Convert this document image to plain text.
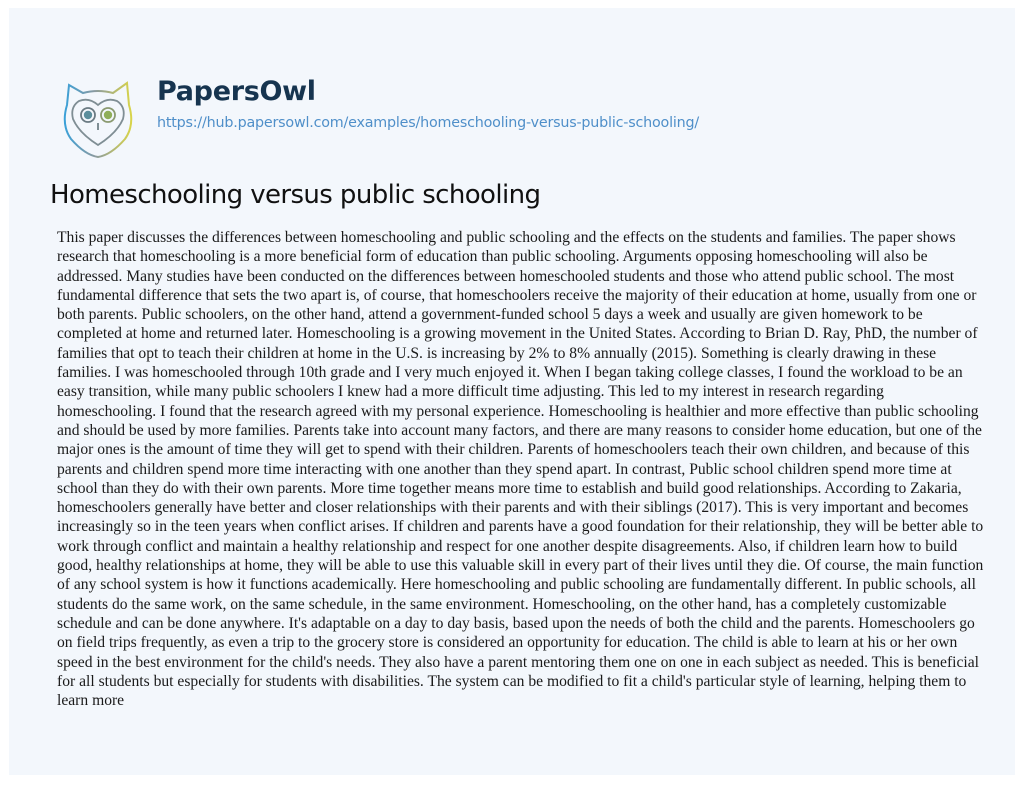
PapersOwl
https://hub.papersowl.com/examples/homeschooling-versus-public-schooling/
Homeschooling versus public schooling

This paper discusses the differences between homeschooling and public schooling and the effects on the students and families. The paper shows research that homeschooling is a more beneficial form of education than public schooling. Arguments opposing homeschooling will also be addressed. Many studies have been conducted on the differences between homeschooled students and those who attend public school. The most fundamental difference that sets the two apart is, of course, that homeschoolers receive the majority of their education at home, usually from one or both parents. Public schoolers, on the other hand, attend a government-funded school 5 days a week and usually are given homework to be completed at home and returned later. Homeschooling is a growing movement in the United States. According to Brian D. Ray, PhD, the number of families that opt to teach their children at home in the U.S. is increasing by 2% to 8% annually (2015). Something is clearly drawing in these families. I was homeschooled through 10th grade and I very much enjoyed it. When I began taking college classes, I found the workload to be an easy transition, while many public schoolers I knew had a more difficult time adjusting. This led to my interest in research regarding homeschooling. I found that the research agreed with my personal experience. Homeschooling is healthier and more effective than public schooling and should be used by more families. Parents take into account many factors, and there are many reasons to consider home education, but one of the major ones is the amount of time they will get to spend with their children. Parents of homeschoolers teach their own children, and because of this parents and children spend more time interacting with one another than they spend apart. In contrast, Public school children spend more time at school than they do with their own parents. More time together means more time to establish and build good relationships. According to Zakaria, homeschoolers generally have better and closer relationships with their parents and with their siblings (2017). This is very important and becomes increasingly so in the teen years when conflict arises. If children and parents have a good foundation for their relationship, they will be better able to work through conflict and maintain a healthy relationship and respect for one another despite disagreements. Also, if children learn how to build good, healthy relationships at home, they will be able to use this valuable skill in every part of their lives until they die. Of course, the main function of any school system is how it functions academically. Here homeschooling and public schooling are fundamentally different. In public schools, all students do the same work, on the same schedule, in the same environment. Homeschooling, on the other hand, has a completely customizable schedule and can be done anywhere. It's adaptable on a day to day basis, based upon the needs of both the child and the parents. Homeschoolers go on field trips frequently, as even a trip to the grocery store is considered an opportunity for education. The child is able to learn at his or her own speed in the best environment for the child's needs. They also have a parent mentoring them one on one in each subject as needed. This is beneficial for all students but especially for students with disabilities. The system can be modified to fit a child's particular style of learning, helping them to learn more
